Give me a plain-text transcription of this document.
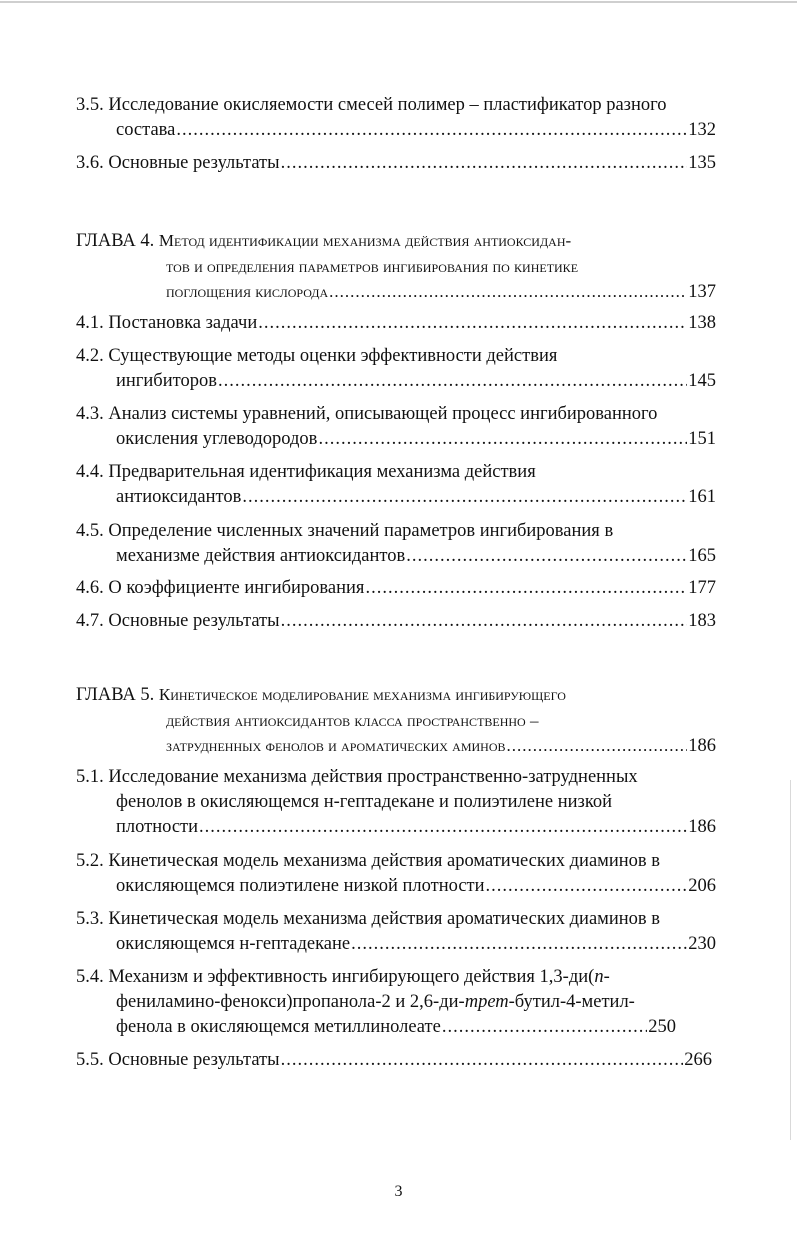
3.5. Исследование окисляемости смесей полимер – пластификатор разного
состава .....	132
3.6. Основные результаты .....	135
ГЛАВА 4. Метод идентификации механизма действия антиоксидан-
тов и определения параметров ингибирования по кинетике
поглощения кислорода .....	137
4.1. Постановка задачи .....	138
4.2. Существующие методы оценки эффективности действия
ингибиторов .....	145
4.3. Анализ системы уравнений, описывающей процесс ингибированного
окисления углеводородов .....	151
4.4. Предварительная идентификация механизма действия
антиоксидантов .....	161
4.5. Определение численных значений параметров ингибирования в
механизме действия антиоксидантов .....	165
4.6. О коэффициенте ингибирования .....	177
4.7. Основные результаты .....	183
ГЛАВА 5. Кинетическое моделирование механизма ингибирующего
действия антиоксидантов класса пространственно –
затрудненных фенолов и ароматических аминов .....	186
5.1. Исследование механизма действия пространственно-затрудненных
фенолов в окисляющемся н-гептадекане и полиэтилене низкой
плотности .....	186
5.2. Кинетическая модель механизма действия ароматических диаминов в
окисляющемся полиэтилене низкой плотности .....	206
5.3. Кинетическая модель механизма действия ароматических диаминов в
окисляющемся н-гептадекане .....	230
5.4. Механизм и эффективность ингибирующего действия 1,3-ди(п-
фениламино-фенокси)пропанола-2 и 2,6-ди-трет-бутил-4-метил-
фенола в окисляющемся метиллинолеате .....	250
5.5. Основные результаты .....	266
3
